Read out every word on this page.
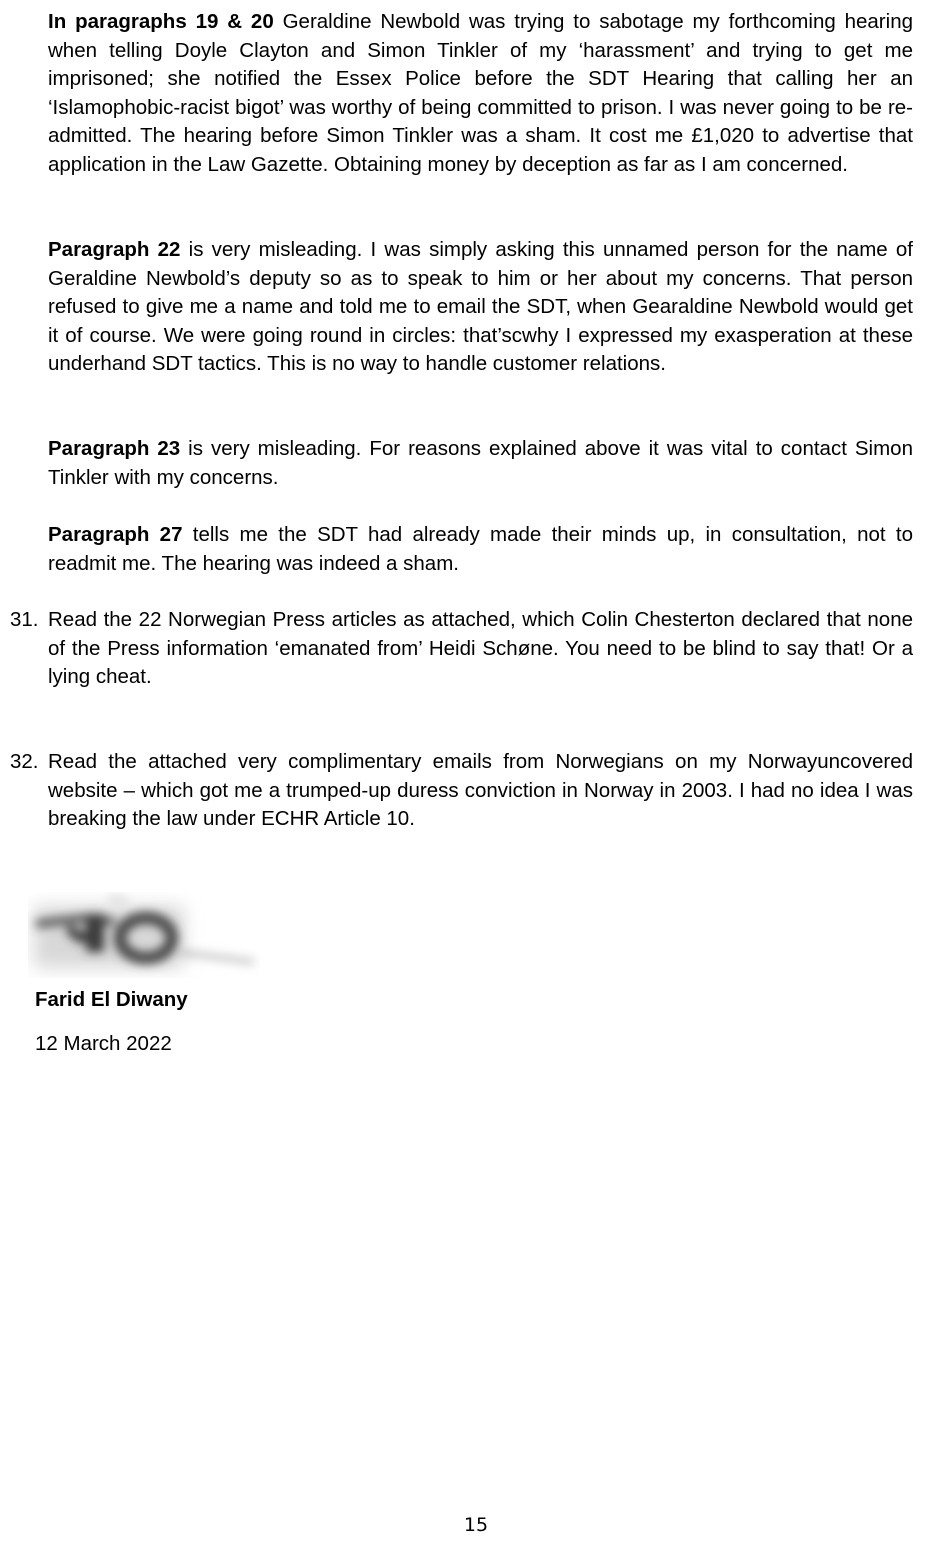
In paragraphs 19 & 20 Geraldine Newbold was trying to sabotage my forthcoming hearing when telling Doyle Clayton and Simon Tinkler of my ‘harassment’ and trying to get me imprisoned; she notified the Essex Police before the SDT Hearing that calling her an ‘Islamophobic-racist bigot’ was worthy of being committed to prison. I was never going to be re-admitted. The hearing before Simon Tinkler was a sham. It cost me £1,020 to advertise that application in the Law Gazette. Obtaining money by deception as far as I am concerned.

Paragraph 22 is very misleading. I was simply asking this unnamed person for the name of Geraldine Newbold’s deputy so as to speak to him or her about my concerns. That person refused to give me a name and told me to email the SDT, when Gearaldine Newbold would get it of course. We were going round in circles: that’scwhy I expressed my exasperation at these underhand SDT tactics. This is no way to handle customer relations.

Paragraph 23 is very misleading. For reasons explained above it was vital to contact Simon Tinkler with my concerns.

Paragraph 27 tells me the SDT had already made their minds up, in consultation, not to readmit me. The hearing was indeed a sham.

31. Read the 22 Norwegian Press articles as attached, which Colin Chesterton declared that none of the Press information ‘emanated from’ Heidi Schøne. You need to be blind to say that! Or a lying cheat.

32. Read the attached very complimentary emails from Norwegians on my Norwayuncovered website – which got me a trumped-up duress conviction in Norway in 2003. I had no idea I was breaking the law under ECHR Article 10.

Farid El Diwany
12 March 2022
15
